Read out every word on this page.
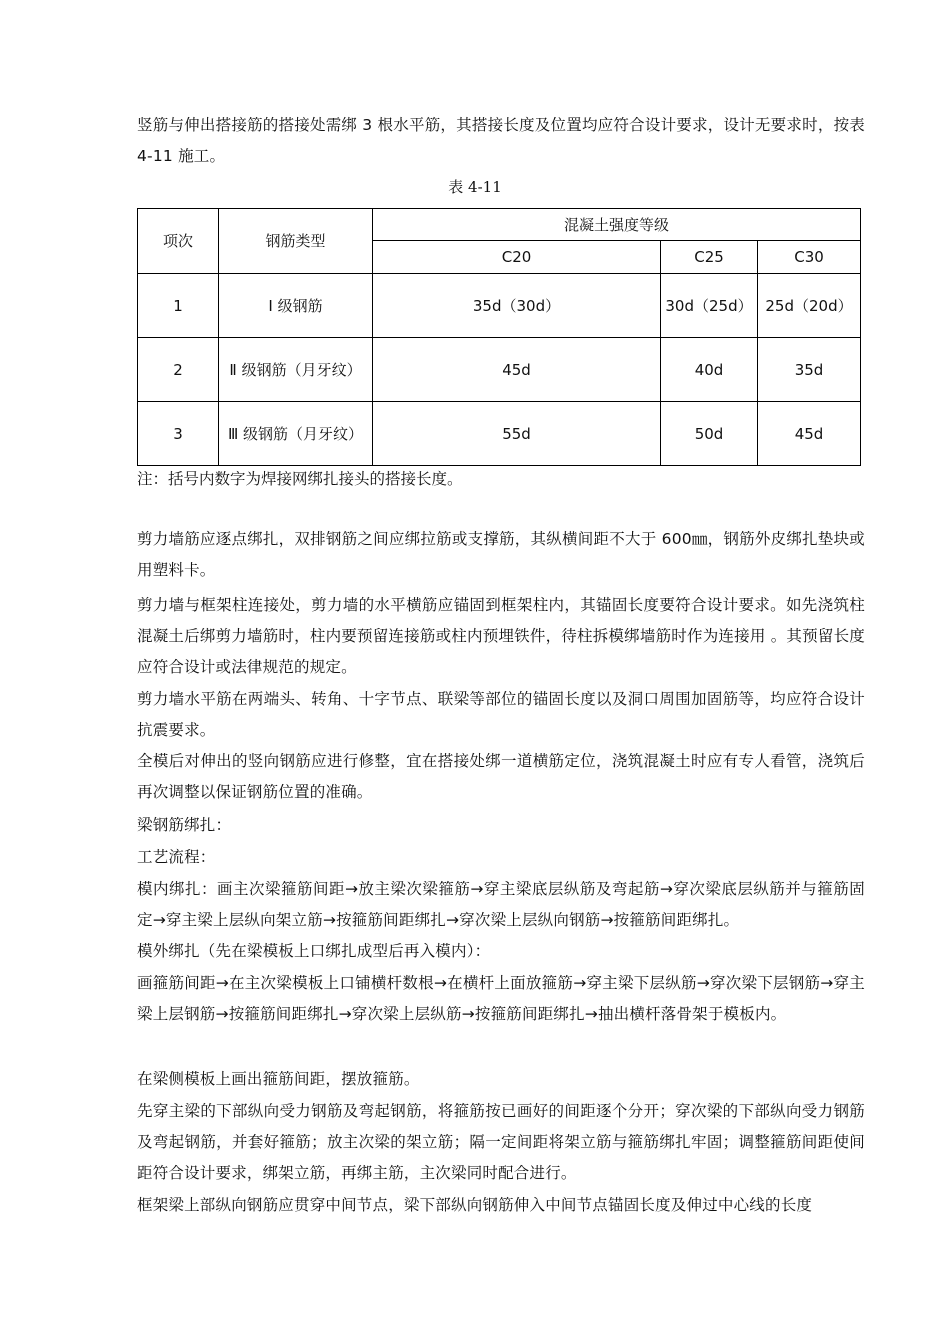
竖筋与伸出搭接筋的搭接处需绑 3 根水平筋，其搭接长度及位置均应符合设计要求，设计无要求时，按表 4-11 施工。

表 4-11
项次	钢筋类型	混凝土强度等级		
		C20	C25	C30
1	Ⅰ 级钢筋	35d（30d）	30d（25d）	25d（20d）
2	Ⅱ 级钢筋（月牙纹）	45d	40d	35d
3	Ⅲ 级钢筋（月牙纹）	55d	50d	45d
注：括号内数字为焊接网绑扎接头的搭接长度。

剪力墙筋应逐点绑扎，双排钢筋之间应绑拉筋或支撑筋，其纵横间距不大于 600㎜，钢筋外皮绑扎垫块或用塑料卡。

剪力墙与框架柱连接处，剪力墙的水平横筋应锚固到框架柱内，其锚固长度要符合设计要求。如先浇筑柱混凝土后绑剪力墙筋时，柱内要预留连接筋或柱内预埋铁件，待柱拆模绑墙筋时作为连接用 。其预留长度应符合设计或法律规范的规定。

剪力墙水平筋在两端头、转角、十字节点、联梁等部位的锚固长度以及洞口周围加固筋等，均应符合设计抗震要求。

全模后对伸出的竖向钢筋应进行修整，宜在搭接处绑一道横筋定位，浇筑混凝土时应有专人看管，浇筑后再次调整以保证钢筋位置的准确。

梁钢筋绑扎：

工艺流程：

模内绑扎：画主次梁箍筋间距→放主梁次梁箍筋→穿主梁底层纵筋及弯起筋→穿次梁底层纵筋并与箍筋固定→穿主梁上层纵向架立筋→按箍筋间距绑扎→穿次梁上层纵向钢筋→按箍筋间距绑扎。

模外绑扎（先在梁模板上口绑扎成型后再入模内）：

画箍筋间距→在主次梁模板上口铺横杆数根→在横杆上面放箍筋→穿主梁下层纵筋→穿次梁下层钢筋→穿主梁上层钢筋→按箍筋间距绑扎→穿次梁上层纵筋→按箍筋间距绑扎→抽出横杆落骨架于模板内。

在梁侧模板上画出箍筋间距，摆放箍筋。

先穿主梁的下部纵向受力钢筋及弯起钢筋，将箍筋按已画好的间距逐个分开；穿次梁的下部纵向受力钢筋及弯起钢筋，并套好箍筋；放主次梁的架立筋；隔一定间距将架立筋与箍筋绑扎牢固；调整箍筋间距使间距符合设计要求，绑架立筋，再绑主筋，主次梁同时配合进行。

框架梁上部纵向钢筋应贯穿中间节点，梁下部纵向钢筋伸入中间节点锚固长度及伸过中心线的长度
